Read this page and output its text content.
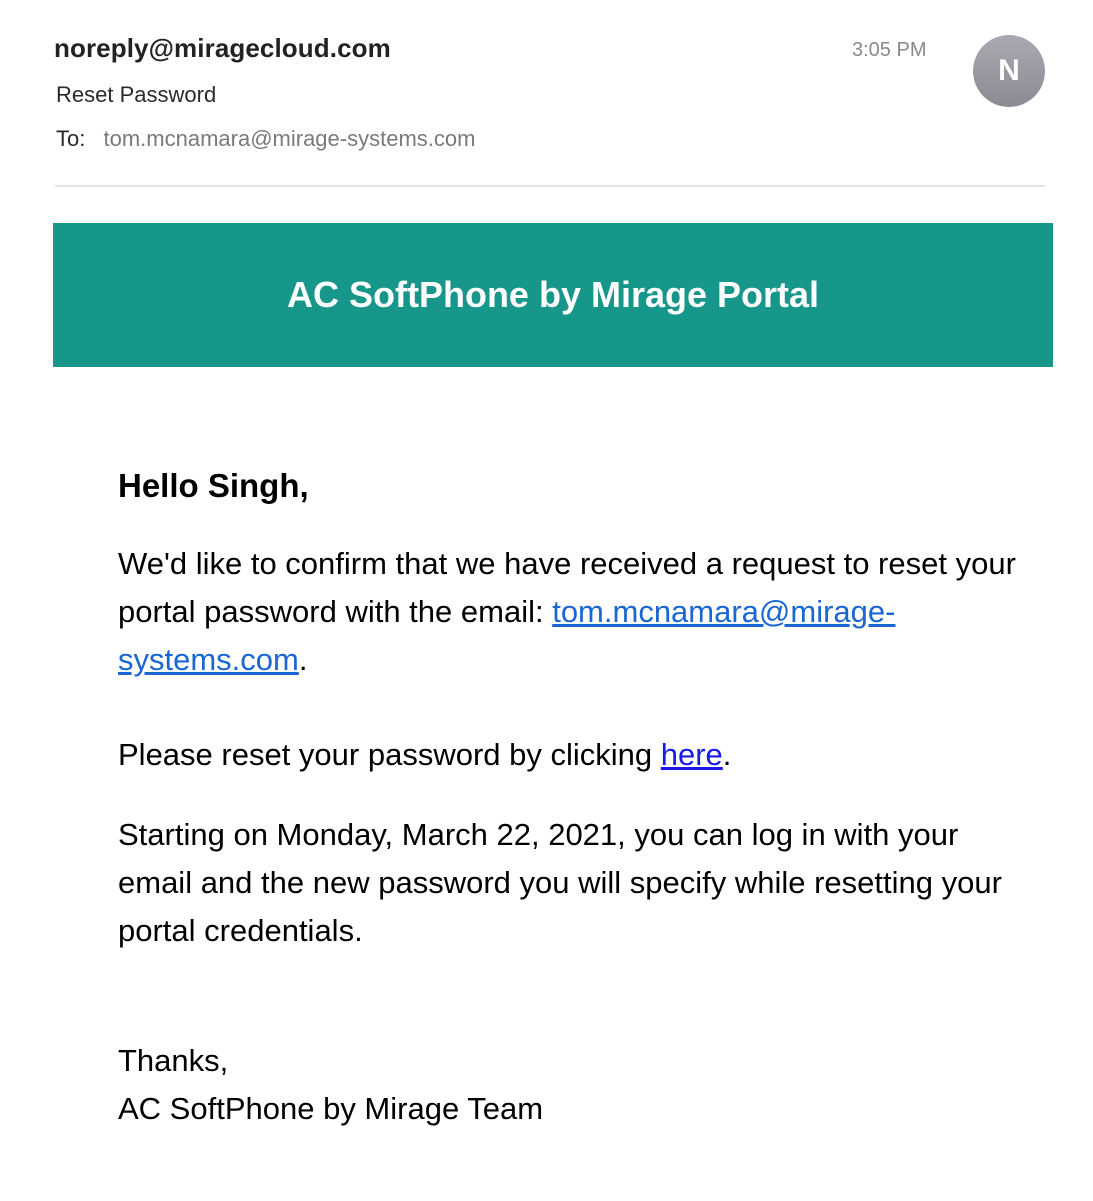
noreply@miragecloud.com
Reset Password
To: tom.mcnamara@mirage-systems.com
3:05 PM
N
AC SoftPhone by Mirage Portal

Hello Singh,

We'd like to confirm that we have received a request to reset your portal password with the email: tom.mcnamara@mirage-systems.com.

Please reset your password by clicking here.

Starting on Monday, March 22, 2021, you can log in with your email and the new password you will specify while resetting your portal credentials.

Thanks,

AC SoftPhone by Mirage Team
